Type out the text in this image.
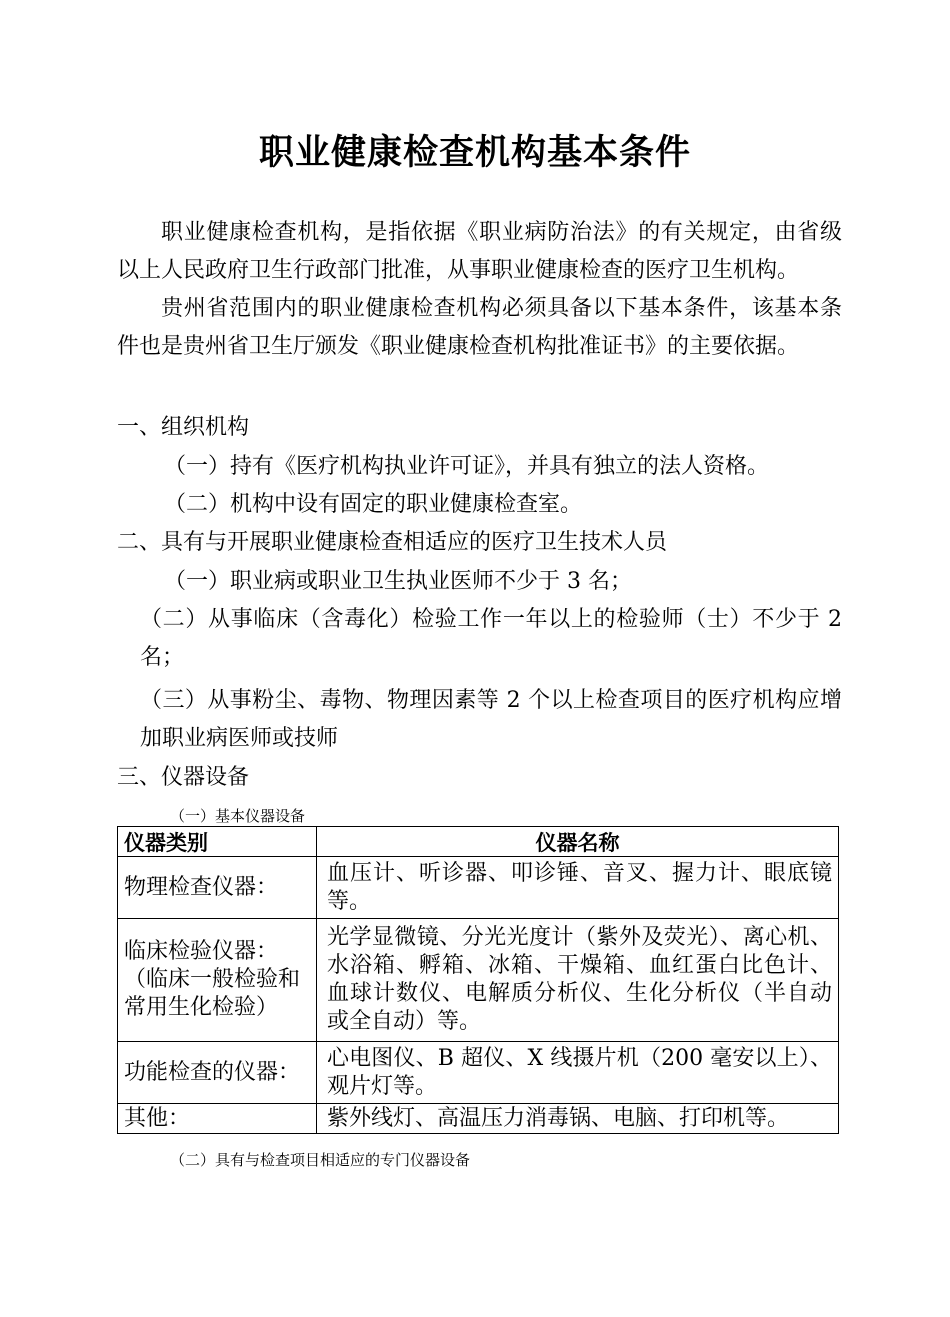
职业健康检查机构基本条件

职业健康检查机构，是指依据《职业病防治法》的有关规定，由省级以上人民政府卫生行政部门批准，从事职业健康检查的医疗卫生机构。

贵州省范围内的职业健康检查机构必须具备以下基本条件，该基本条件也是贵州省卫生厅颁发《职业健康检查机构批准证书》的主要依据。

一、组织机构

（一）持有《医疗机构执业许可证》，并具有独立的法人资格。

（二）机构中设有固定的职业健康检查室。

二、具有与开展职业健康检查相适应的医疗卫生技术人员

（一）职业病或职业卫生执业医师不少于 3 名；

（二）从事临床（含毒化）检验工作一年以上的检验师（士）不少于 2 名；

（三）从事粉尘、毒物、物理因素等 2 个以上检查项目的医疗机构应增加职业病医师或技师

三、仪器设备

（一）基本仪器设备
仪器类别	仪器名称
物理检查仪器：	血压计、听诊器、叩诊锤、音叉、握力计、眼底镜等。
临床检验仪器：
（临床一般检验和常用生化检验）	光学显微镜、分光光度计（紫外及荧光）、离心机、水浴箱、孵箱、冰箱、干燥箱、血红蛋白比色计、血球计数仪、电解质分析仪、生化分析仪（半自动或全自动）等。
功能检查的仪器：	心电图仪、B 超仪、X 线摄片机（200 毫安以上）、观片灯等。
其他：	紫外线灯、高温压力消毒锅、电脑、打印机等。
（二）具有与检查项目相适应的专门仪器设备
